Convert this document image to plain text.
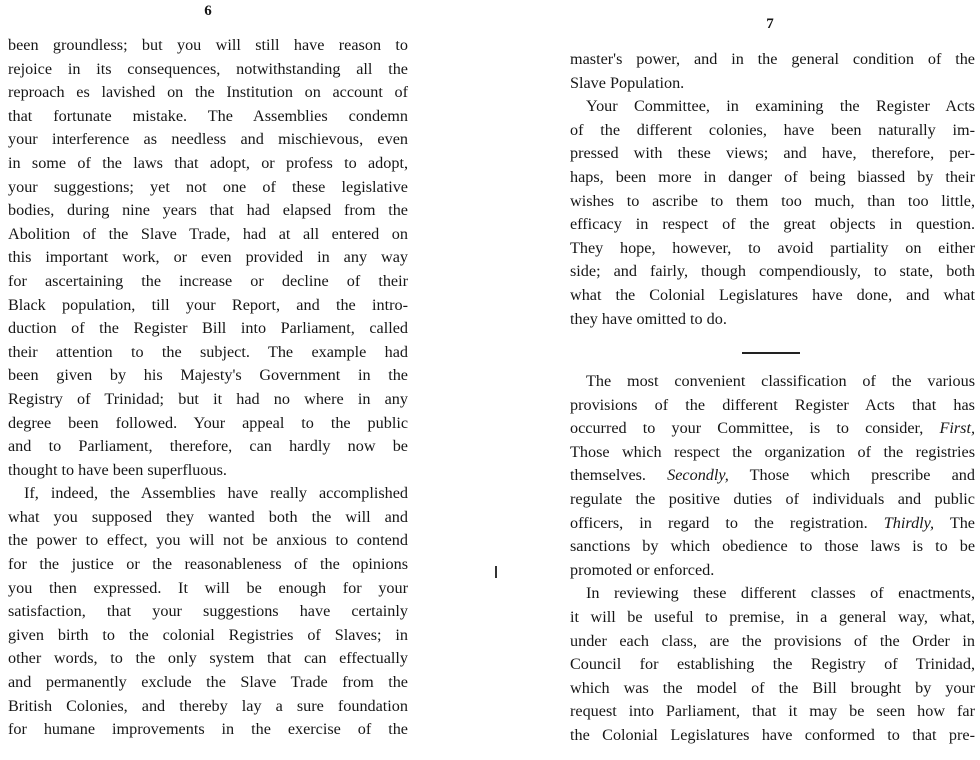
6
been groundless; but you will still have reason to
rejoice in its consequences, notwithstanding all the
reproach es lavished on the Institution on account of
that fortunate mistake. The Assemblies condemn
your interference as needless and mischievous, even
in some of the laws that adopt, or profess to adopt,
your suggestions; yet not one of these legislative
bodies, during nine years that had elapsed from the
Abolition of the Slave Trade, had at all entered on
this important work, or even provided in any way
for ascertaining the increase or decline of their
Black population, till your Report, and the intro-
duction of the Register Bill into Parliament, called
their attention to the subject. The example had
been given by his Majesty's Government in the
Registry of Trinidad; but it had no where in any
degree been followed. Your appeal to the public
and to Parliament, therefore, can hardly now be
thought to have been superfluous.
If, indeed, the Assemblies have really accomplished
what you supposed they wanted both the will and
the power to effect, you will not be anxious to contend
for the justice or the reasonableness of the opinions
you then expressed. It will be enough for your
satisfaction, that your suggestions have certainly
given birth to the colonial Registries of Slaves; in
other words, to the only system that can effectually
and permanently exclude the Slave Trade from the
British Colonies, and thereby lay a sure foundation
for humane improvements in the exercise of the
7
master's power, and in the general condition of the
Slave Population.
Your Committee, in examining the Register Acts
of the different colonies, have been naturally im-
pressed with these views; and have, therefore, per-
haps, been more in danger of being biassed by their
wishes to ascribe to them too much, than too little,
efficacy in respect of the great objects in question.
They hope, however, to avoid partiality on either
side; and fairly, though compendiously, to state, both
what the Colonial Legislatures have done, and what
they have omitted to do.
The most convenient classification of the various
provisions of the different Register Acts that has
occurred to your Committee, is to consider, First,
Those which respect the organization of the registries
themselves. Secondly, Those which prescribe and
regulate the positive duties of individuals and public
officers, in regard to the registration. Thirdly, The
sanctions by which obedience to those laws is to be
promoted or enforced.
In reviewing these different classes of enactments,
it will be useful to premise, in a general way, what,
under each class, are the provisions of the Order in
Council for establishing the Registry of Trinidad,
which was the model of the Bill brought by your
request into Parliament, that it may be seen how far
the Colonial Legislatures have conformed to that pre-
